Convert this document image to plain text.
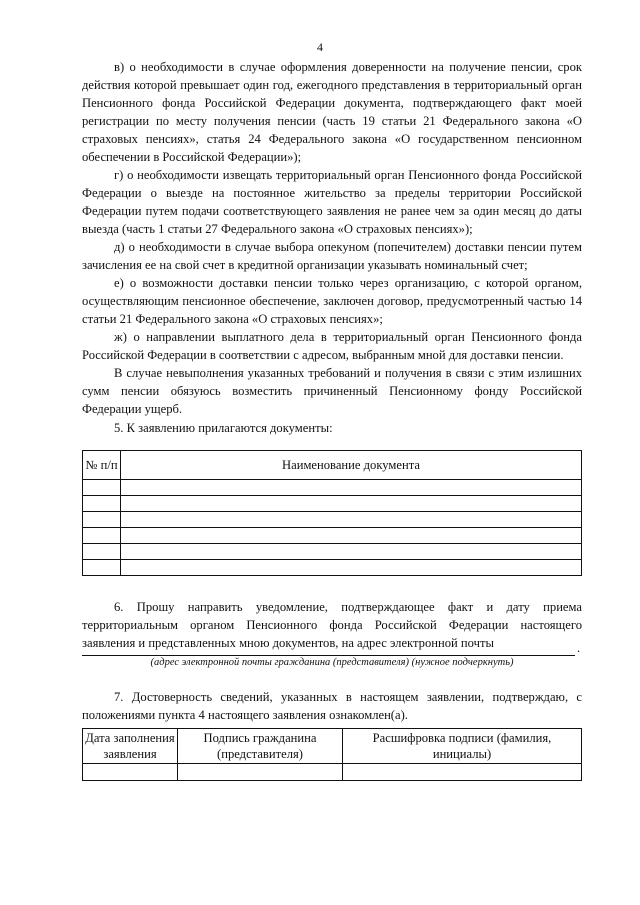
4

в) о необходимости в случае оформления доверенности на получение пенсии, срок действия которой превышает один год, ежегодного представления в территориальный орган Пенсионного фонда Российской Федерации документа, подтверждающего факт моей регистрации по месту получения пенсии (часть 19 статьи 21 Федерального закона «О страховых пенсиях», статья 24 Федерального закона «О государственном пенсионном обеспечении в Российской Федерации»);

г) о необходимости извещать территориальный орган Пенсионного фонда Российской Федерации о выезде на постоянное жительство за пределы территории Российской Федерации путем подачи соответствующего заявления не ранее чем за один месяц до даты выезда (часть 1 статьи 27 Федерального закона «О страховых пенсиях»);

д) о необходимости в случае выбора опекуном (попечителем) доставки пенсии путем зачисления ее на свой счет в кредитной организации указывать номинальный счет;

е) о возможности доставки пенсии только через организацию, с которой органом, осуществляющим пенсионное обеспечение, заключен договор, предусмотренный частью 14 статьи 21 Федерального закона «О страховых пенсиях»;

ж) о направлении выплатного дела в территориальный орган Пенсионного фонда Российской Федерации в соответствии с адресом, выбранным мной для доставки пенсии.

В случае невыполнения указанных требований и получения в связи с этим излишних сумм пенсии обязуюсь возместить причиненный Пенсионному фонду Российской Федерации ущерб.

5. К заявлению прилагаются документы:
№ п/п	Наименование документа

6. Прошу направить уведомление, подтверждающее факт и дату приема территориальным органом Пенсионного фонда Российской Федерации настоящего заявления и представленных мною документов, на адрес электронной почты	.
(адрес электронной почты гражданина (представителя) (нужное подчеркнуть)
7. Достоверность сведений, указанных в настоящем заявлении, подтверждаю, с положениями пункта 4 настоящего заявления ознакомлен(а).
Дата заполнения заявления	Подпись гражданина (представителя)	Расшифровка подписи (фамилия, инициалы)
